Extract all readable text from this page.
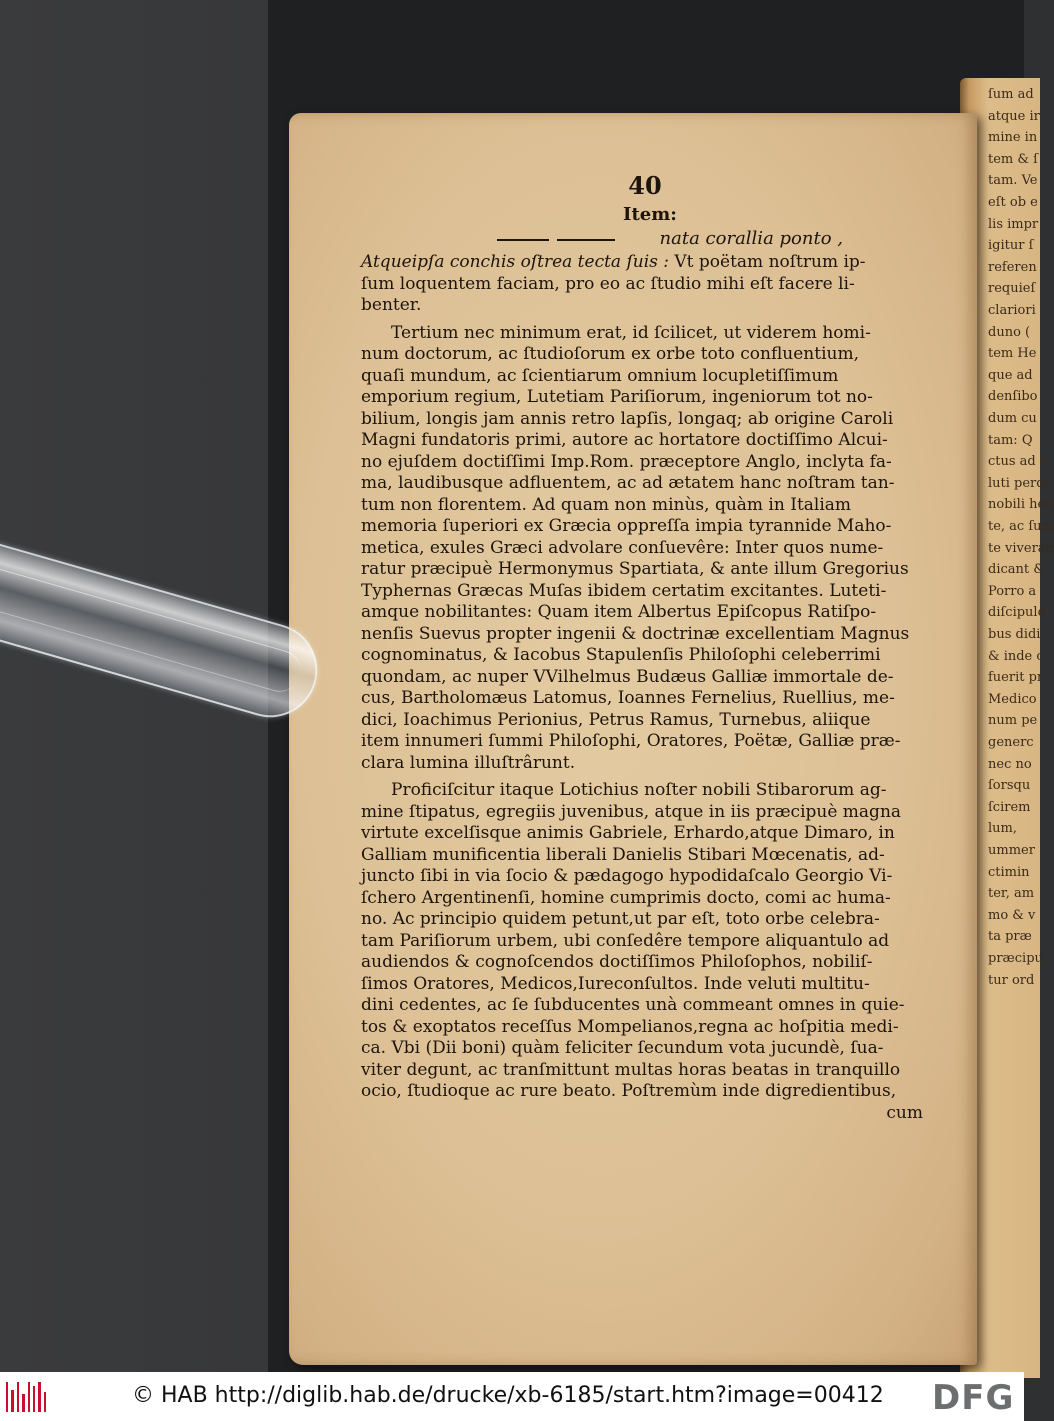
ſum ad
atque ir
mine in
tem & ſ
tam. Ve
eſt ob e
lis impr
igitur ſ
referen
requieſ
clariori
duno (
tem He
que ad
denſibo
dum cu
tam: Q
ctus ad c
luti perdi
nobili hen
te, ac ſum
te viveran
dicant &
Porro a
diſcipulo
bus didi
& inde c
fuerit pr
Medico
num pe
generc
nec no
ſorsqu
ſcirem
lum,
ummer
ctimin
ter, am
mo & v
ta præ
præcipu
tur ord
40
Item:
nata corallia ponto ,
Atqueipſa conchis oſtrea tecta ſuis : Vt poëtam noſtrum ip-
ſum loquentem faciam, pro eo ac ſtudio mihi eſt facere li-
benter.
Tertium nec minimum erat, id ſcilicet, ut viderem homi-
num doctorum, ac ſtudioſorum ex orbe toto confluentium,
quaſi mundum, ac ſcientiarum omnium locupletiſſimum
emporium regium, Lutetiam Pariſiorum, ingeniorum tot no-
bilium, longis jam annis retro lapſis, longaq; ab origine Caroli
Magni fundatoris primi, autore ac hortatore doctiſſimo Alcui-
no ejuſdem doctiſſimi Imp.Rom. præceptore Anglo, inclyta fa-
ma, laudibusque adfluentem, ac ad ætatem hanc noſtram tan-
tum non florentem. Ad quam non minùs, quàm in Italiam
memoria ſuperiori ex Græcia oppreſſa impia tyrannide Maho-
metica, exules Græci advolare conſuevêre: Inter quos nume-
ratur præcipuè Hermonymus Spartiata, & ante illum Gregorius
Typhernas Græcas Muſas ibidem certatim excitantes. Luteti-
amque nobilitantes: Quam item Albertus Epiſcopus Ratiſpo-
nenſis Suevus propter ingenii & doctrinæ excellentiam Magnus
cognominatus, & Iacobus Stapulenſis Philoſophi celeberrimi
quondam, ac nuper VVilhelmus Budæus Galliæ immortale de-
cus, Bartholomæus Latomus, Ioannes Fernelius, Ruellius, me-
dici, Ioachimus Perionius, Petrus Ramus, Turnebus, aliique
item innumeri ſummi Philoſophi, Oratores, Poëtæ, Galliæ præ-
clara lumina illuſtrârunt.
Proficiſcitur itaque Lotichius noſter nobili Stibarorum ag-
mine ſtipatus, egregiis juvenibus, atque in iis præcipuè magna
virtute excelſisque animis Gabriele, Erhardo,atque Dimaro, in
Galliam munificentia liberali Danielis Stibari Mœcenatis, ad-
juncto ſibi in via ſocio & pædagogo hypodidaſcalo Georgio Vi-
ſchero Argentinenſi, homine cumprimis docto, comi ac huma-
no. Ac principio quidem petunt,ut par eſt, toto orbe celebra-
tam Pariſiorum urbem, ubi conſedêre tempore aliquantulo ad
audiendos & cognoſcendos doctiſſimos Philoſophos, nobiliſ-
ſimos Oratores, Medicos,Iureconſultos. Inde veluti multitu-
dini cedentes, ac ſe ſubducentes unà commeant omnes in quie-
tos & exoptatos receſſus Mompelianos,regna ac hoſpitia medi-
ca. Vbi (Dii boni) quàm feliciter ſecundum vota jucundè, ſua-
viter degunt, ac tranſmittunt multas horas beatas in tranquillo
ocio, ſtudioque ac rure beato. Poſtremùm inde digredientibus,
cum
© HAB http://diglib.hab.de/drucke/xb-6185/start.htm?image=00412 DFG
